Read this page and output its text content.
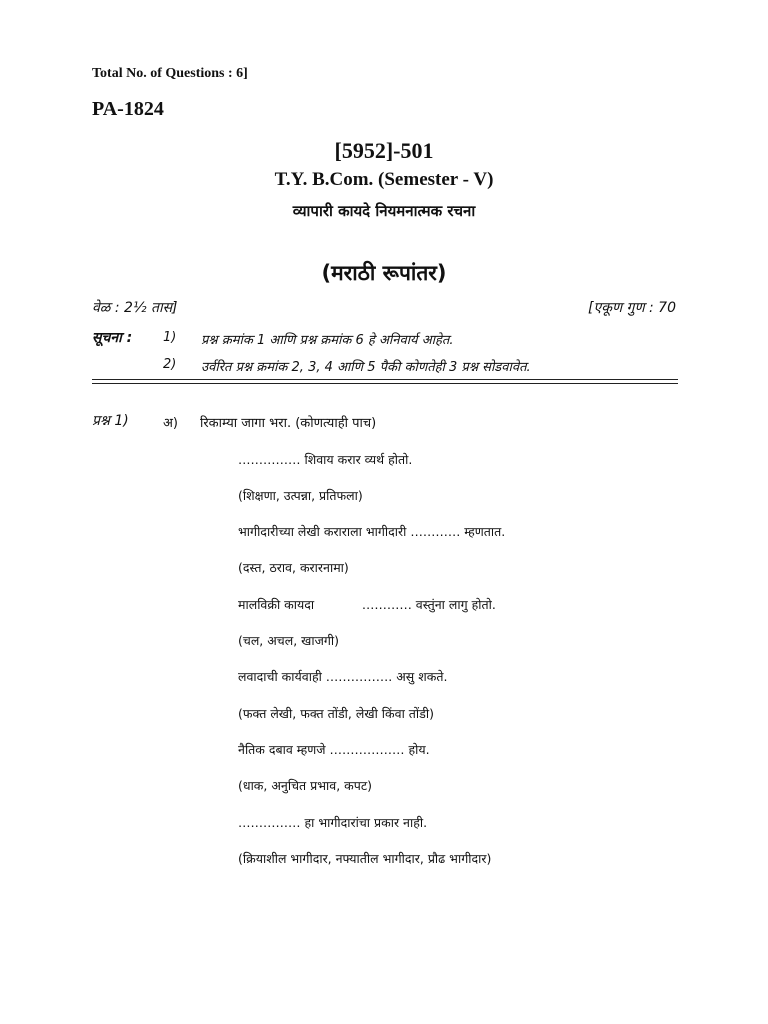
Total No. of Questions : 6]
PA-1824
[5952]-501
T.Y. B.Com. (Semester - V)
व्यापारी कायदे नियमनात्मक रचना
(मराठी रूपांतर)
वेळ : 2½ तास]	[एकूण गुण : 70
सूचना : 1) प्रश्न क्रमांक 1 आणि प्रश्न क्रमांक 6 हे अनिवार्य आहेत.
2) उर्वरित प्रश्न क्रमांक 2, 3, 4 आणि 5 पैकी कोणतेही 3 प्रश्न सोडवावेत.
प्रश्न 1)	अ) रिकाम्या जागा भरा. (कोणत्याही पाच)
…………… शिवाय करार व्यर्थ होतो.
(शिक्षणा, उत्पन्ना, प्रतिफला)
भागीदारीच्या लेखी कराराला भागीदारी ………… म्हणतात.
(दस्त, ठराव, करारनामा)
मालविक्री कायदा            ………… वस्तुंना लागु होतो.
(चल, अचल, खाजगी)
लवादाची कार्यवाही ……………. असु शकते.
(फक्त लेखी, फक्त तोंडी, लेखी किंवा तोंडी)
नैतिक दबाव म्हणजे ……………… होय.
(धाक, अनुचित प्रभाव, कपट)
…………… हा भागीदारांचा प्रकार नाही.
(क्रियाशील भागीदार, नफ्यातील भागीदार, प्रौढ भागीदार)
